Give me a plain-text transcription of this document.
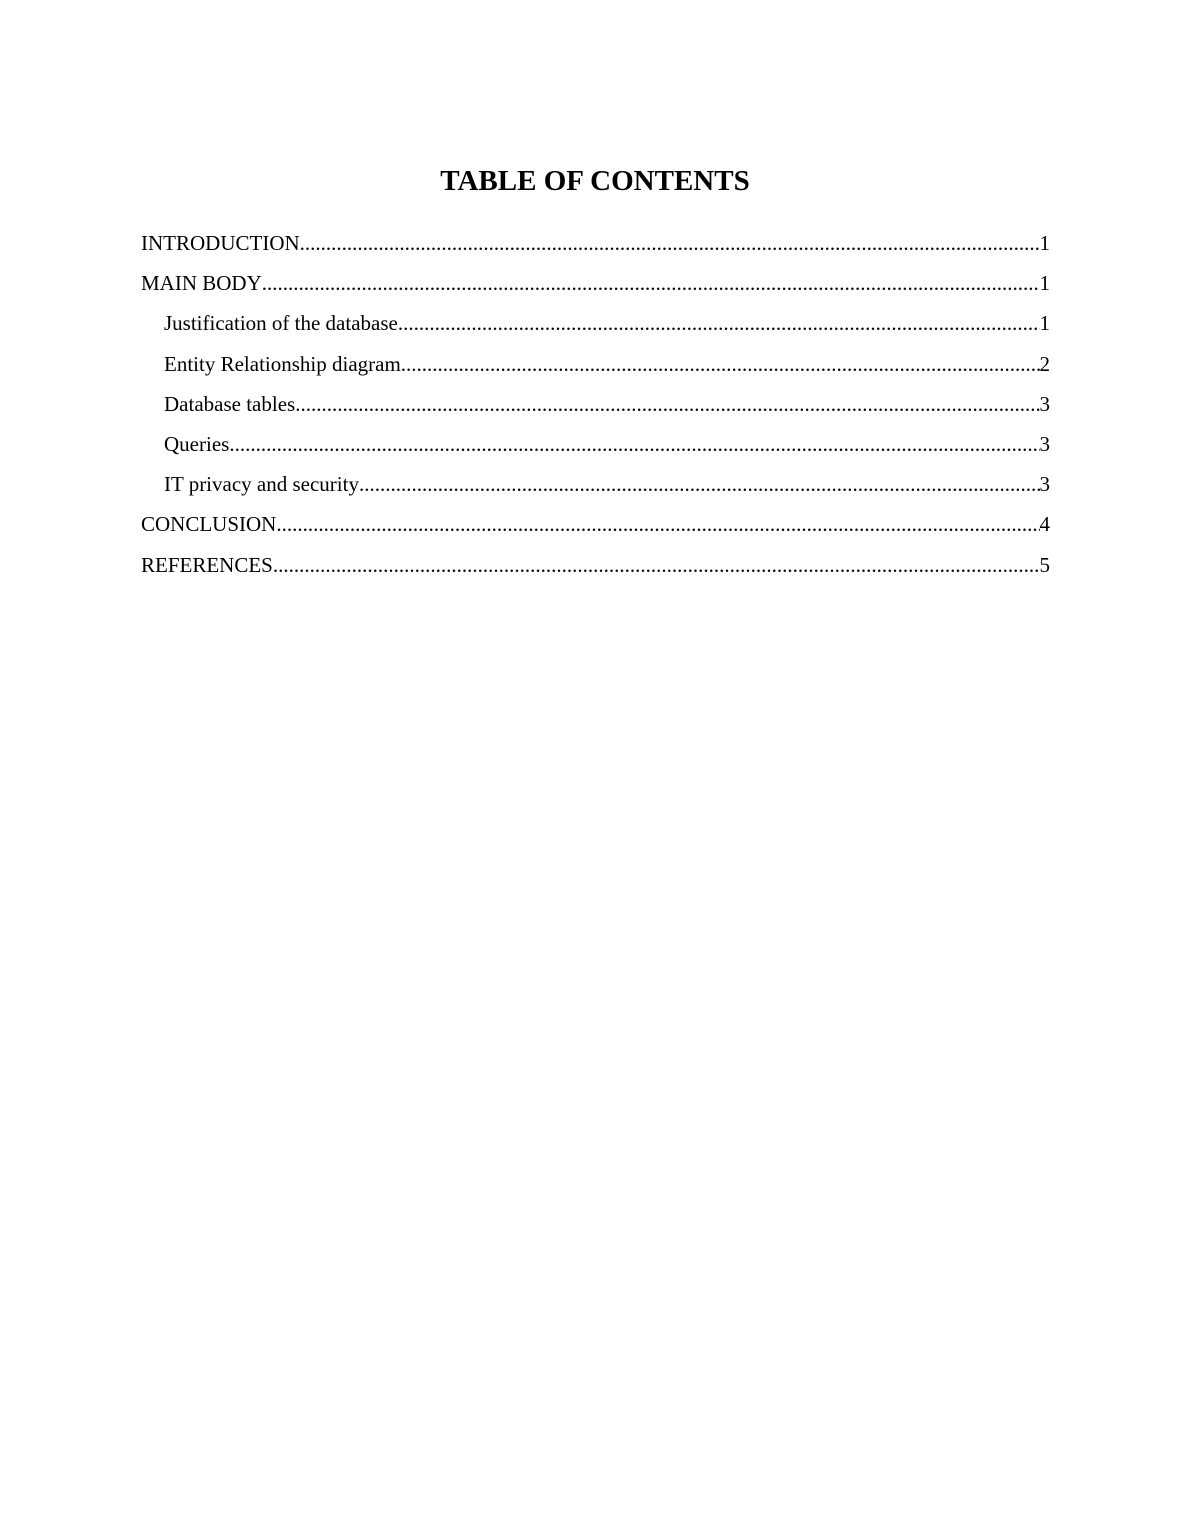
TABLE OF CONTENTS
INTRODUCTION .....	1
MAIN BODY .....	1
Justification of the database .....	1
Entity Relationship diagram .....	2
Database tables .....	3
Queries .....	3
IT privacy and security .....	3
CONCLUSION .....	4
REFERENCES .....	5
